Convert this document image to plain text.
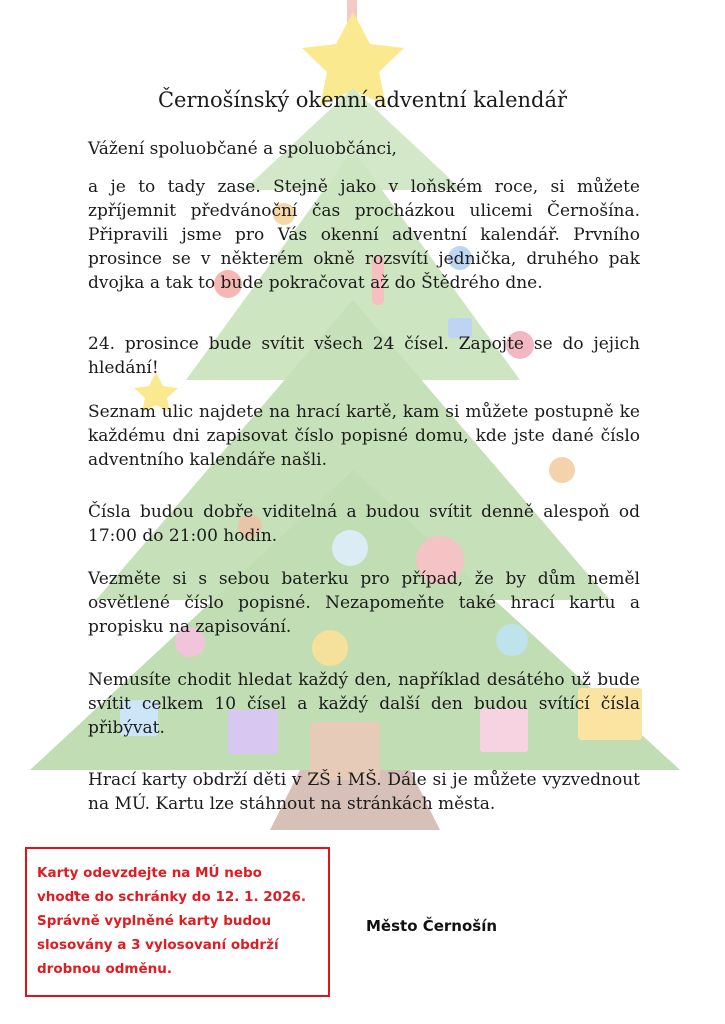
Černošínský okenní adventní kalendář

Vážení spoluobčané a spoluobčánci,

a je to tady zase. Stejně jako v loňském roce, si můžete zpříjemnit předvánoční čas procházkou ulicemi Černošína. Připravili jsme pro Vás okenní adventní kalendář. Prvního prosince se v některém okně rozsvítí jednička, druhého pak dvojka a tak to bude pokračovat až do Štědrého dne.

24. prosince bude svítit všech 24 čísel. Zapojte se do jejich hledání!

Seznam ulic najdete na hrací kartě, kam si můžete postupně ke každému dni zapisovat číslo popisné domu, kde jste dané číslo adventního kalendáře našli.

Čísla budou dobře viditelná a budou svítit denně alespoň od 17:00 do 21:00 hodin.

Vezměte si s sebou baterku pro případ, že by dům neměl osvětlené číslo popisné. Nezapomeňte také hrací kartu a propisku na zapisování.

Nemusíte chodit hledat každý den, například desátého už bude svítit celkem 10 čísel a každý další den budou svítící čísla přibývat.

Hrací karty obdrží děti v ZŠ i MŠ. Dále si je můžete vyzvednout na MÚ. Kartu lze stáhnout na stránkách města.

Karty odevzdejte na MÚ nebo
vhoďte do schránky do 12. 1. 2026.
Správně vyplněné karty budou
slosovány a 3 vylosovaní obdrží
drobnou odměnu.
Město Černošín
